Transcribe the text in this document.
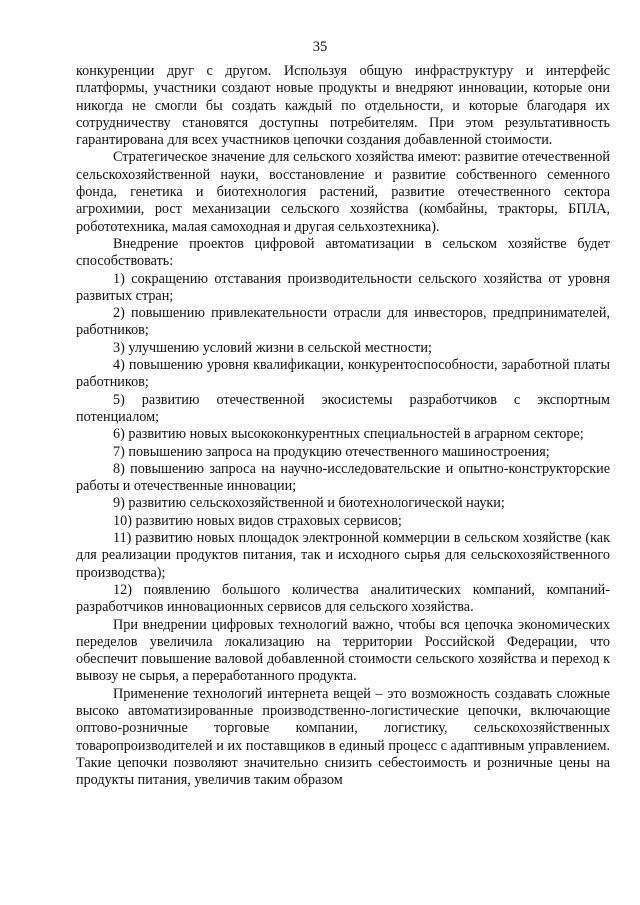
35

конкуренции друг с другом. Используя общую инфраструктуру и интерфейс платформы, участники создают новые продукты и внедряют инновации, которые они никогда не смогли бы создать каждый по отдельности, и которые благодаря их сотрудничеству становятся доступны потребителям. При этом результативность гарантирована для всех участников цепочки создания добавленной стоимости.

Стратегическое значение для сельского хозяйства имеют: развитие отечественной сельскохозяйственной науки, восстановление и развитие собственного семенного фонда, генетика и биотехнология растений, развитие отечественного сектора агрохимии, рост механизации сельского хозяйства (комбайны, тракторы, БПЛА, робототехника, малая самоходная и другая сельхозтехника).

Внедрение проектов цифровой автоматизации в сельском хозяйстве будет способствовать:

1) сокращению отставания производительности сельского хозяйства от уровня развитых стран;

2) повышению привлекательности отрасли для инвесторов, предпринимателей, работников;

3) улучшению условий жизни в сельской местности;

4) повышению уровня квалификации, конкурентоспособности, заработной платы работников;

5) развитию отечественной экосистемы разработчиков с экспортным потенциалом;

6) развитию новых высококонкурентных специальностей в аграрном секторе;

7) повышению запроса на продукцию отечественного машиностроения;

8) повышению запроса на научно-исследовательские и опытно-конструкторские работы и отечественные инновации;

9) развитию сельскохозяйственной и биотехнологической науки;

10) развитию новых видов страховых сервисов;

11) развитию новых площадок электронной коммерции в сельском хозяйстве (как для реализации продуктов питания, так и исходного сырья для сельскохозяйственного производства);

12) появлению большого количества аналитических компаний, компаний-разработчиков инновационных сервисов для сельского хозяйства.

При внедрении цифровых технологий важно, чтобы вся цепочка экономических переделов увеличила локализацию на территории Российской Федерации, что обеспечит повышение валовой добавленной стоимости сельского хозяйства и переход к вывозу не сырья, а переработанного продукта.

Применение технологий интернета вещей – это возможность создавать сложные высоко автоматизированные производственно-логистические цепочки, включающие оптово-розничные торговые компании, логистику, сельскохозяйственных товаропроизводителей и их поставщиков в единый процесс с адаптивным управлением. Такие цепочки позволяют значительно снизить себестоимость и розничные цены на продукты питания, увеличив таким образом
